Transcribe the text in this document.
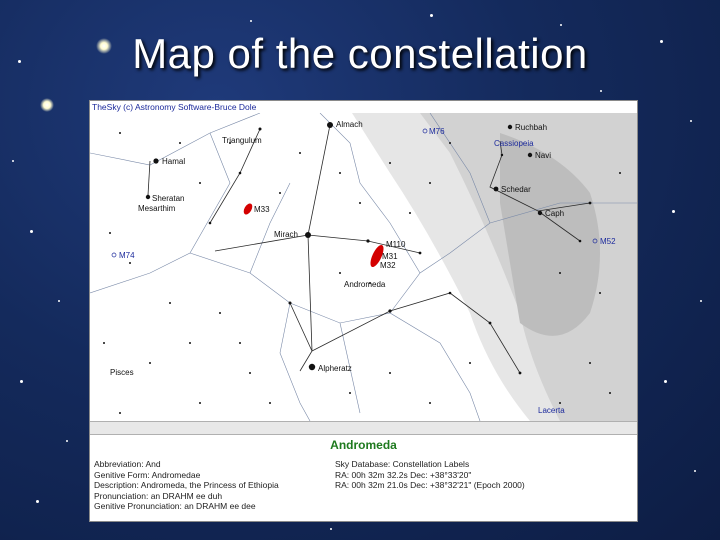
Map of the constellation
TheSky (c) Astronomy Software-Bruce Dole
Almach
M76	Ruchbah
Cassiopeia
Navi
Triangulum
Hamal
Schedar
Caph
Sheratan
Mesarthim	M33
Mirach
M110
M31
M32
M52
M74
Andromeda
Pisces	Alpheratz
Lacerta
Andromeda
Abbreviation: And
Genitive Form: Andromedae
Description: Andromeda, the Princess of Ethiopia
Pronunciation: an DRAHM ee duh
Genitive Pronunciation: an DRAHM ee dee
Sky Database: Constellation Labels
RA: 00h 32m 32.2s Dec: +38°33'20"
RA: 00h 32m 21.0s Dec: +38°32'21" (Epoch 2000)
